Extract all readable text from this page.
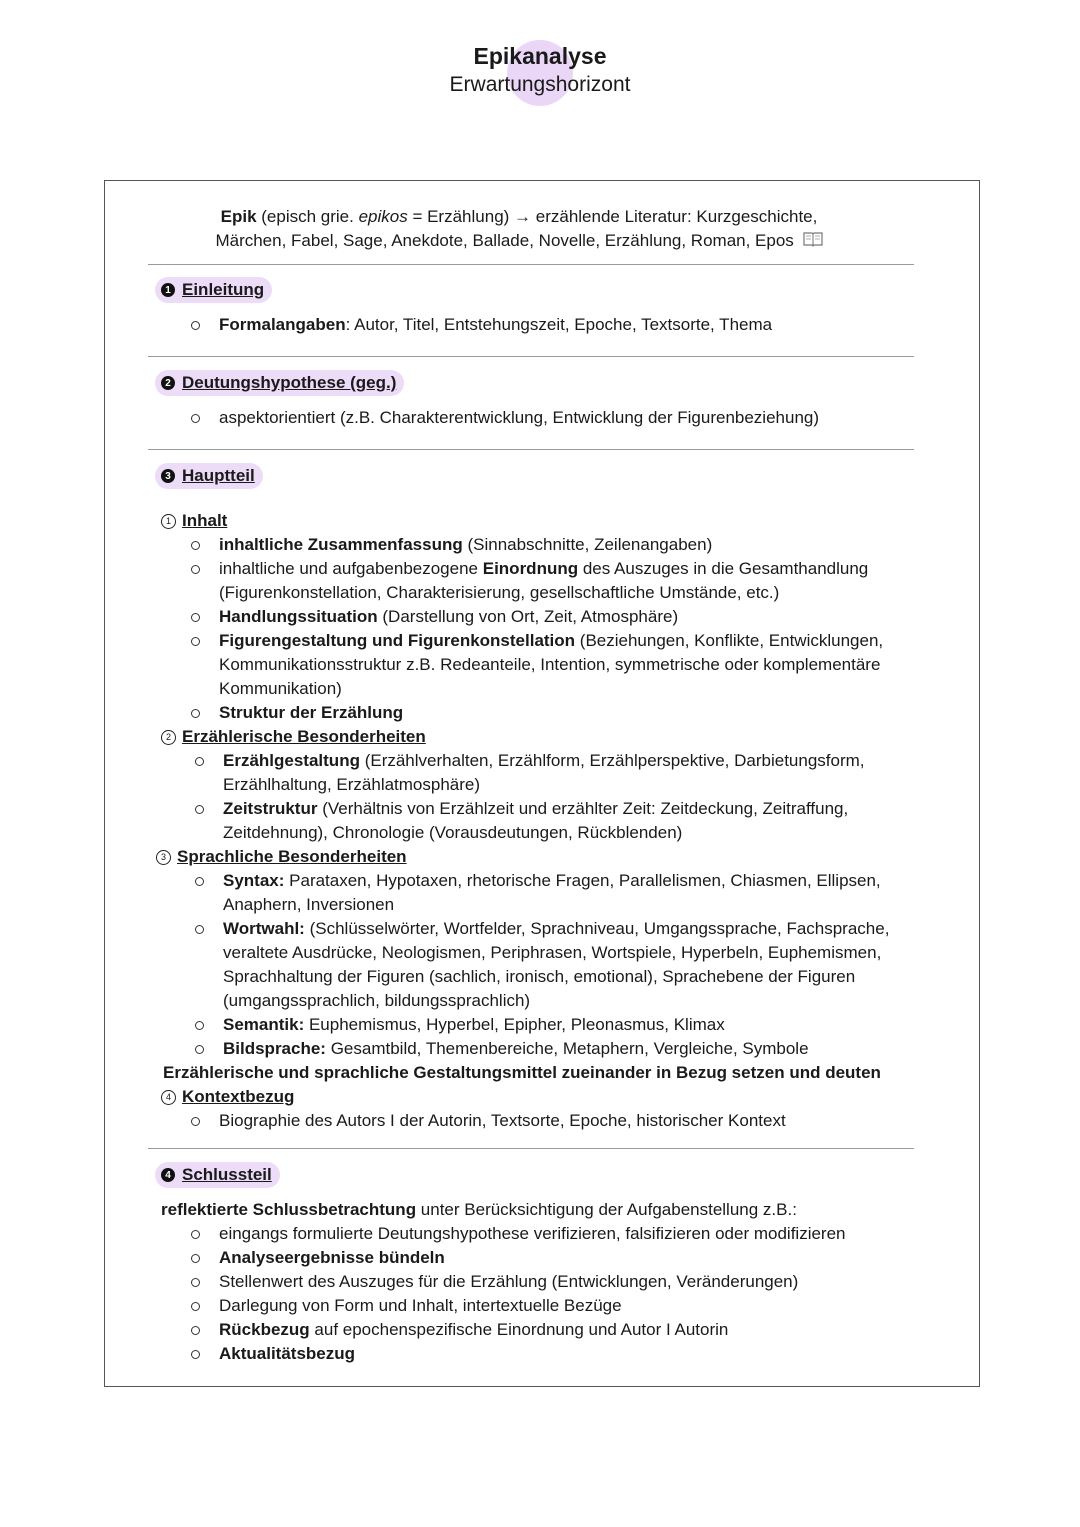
Epikanalyse
Erwartungshorizont
Epik (episch grie. epikos = Erzählung) → erzählende Literatur: Kurzgeschichte,
Märchen, Fabel, Sage, Anekdote, Ballade, Novelle, Erzählung, Roman, Epos
1 Einleitung
Formalangaben: Autor, Titel, Entstehungszeit, Epoche, Textsorte, Thema
2 Deutungshypothese (geg.)
aspektorientiert (z.B. Charakterentwicklung, Entwicklung der Figurenbeziehung)
3 Hauptteil
1 Inhalt
inhaltliche Zusammenfassung (Sinnabschnitte, Zeilenangaben)
inhaltliche und aufgabenbezogene Einordnung des Auszuges in die Gesamthandlung
(Figurenkonstellation, Charakterisierung, gesellschaftliche Umstände, etc.)
Handlungssituation (Darstellung von Ort, Zeit, Atmosphäre)
Figurengestaltung und Figurenkonstellation (Beziehungen, Konflikte, Entwicklungen,
Kommunikationsstruktur z.B. Redeanteile, Intention, symmetrische oder komplementäre
Kommunikation)
Struktur der Erzählung
2 Erzählerische Besonderheiten
Erzählgestaltung (Erzählverhalten, Erzählform, Erzählperspektive, Darbietungsform,
Erzählhaltung, Erzählatmosphäre)
Zeitstruktur (Verhältnis von Erzählzeit und erzählter Zeit: Zeitdeckung, Zeitraffung,
Zeitdehnung), Chronologie (Vorausdeutungen, Rückblenden)
3 Sprachliche Besonderheiten
Syntax: Parataxen, Hypotaxen, rhetorische Fragen, Parallelismen, Chiasmen, Ellipsen,
Anaphern, Inversionen
Wortwahl: (Schlüsselwörter, Wortfelder, Sprachniveau, Umgangssprache, Fachsprache,
veraltete Ausdrücke, Neologismen, Periphrasen, Wortspiele, Hyperbeln, Euphemismen,
Sprachhaltung der Figuren (sachlich, ironisch, emotional), Sprachebene der Figuren
(umgangssprachlich, bildungssprachlich)
Semantik: Euphemismus, Hyperbel, Epipher, Pleonasmus, Klimax
Bildsprache: Gesamtbild, Themenbereiche, Metaphern, Vergleiche, Symbole
Erzählerische und sprachliche Gestaltungsmittel zueinander in Bezug setzen und deuten
4 Kontextbezug
Biographie des Autors I der Autorin, Textsorte, Epoche, historischer Kontext
4 Schlussteil
reflektierte Schlussbetrachtung unter Berücksichtigung der Aufgabenstellung z.B.:
eingangs formulierte Deutungshypothese verifizieren, falsifizieren oder modifizieren
Analyseergebnisse bündeln
Stellenwert des Auszuges für die Erzählung (Entwicklungen, Veränderungen)
Darlegung von Form und Inhalt, intertextuelle Bezüge
Rückbezug auf epochenspezifische Einordnung und Autor I Autorin
Aktualitätsbezug
